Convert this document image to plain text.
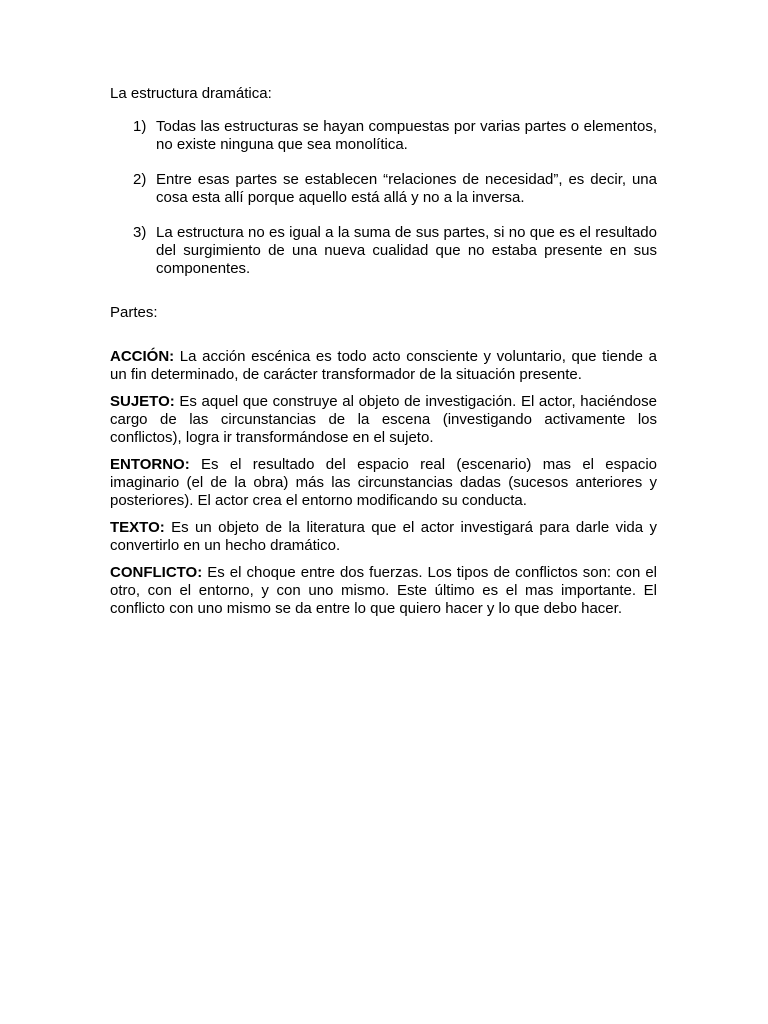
La estructura dramática:

1) Todas las estructuras se hayan compuestas por varias partes o elementos, no existe ninguna que sea monolítica.
2) Entre esas partes se establecen “relaciones de necesidad”, es decir, una cosa esta allí porque aquello está allá y no a la inversa.
3) La estructura no es igual a la suma de sus partes, si no que es el resultado del surgimiento de una nueva cualidad que no estaba presente en sus componentes.

Partes:

ACCIÓN: La acción escénica es todo acto consciente y voluntario, que tiende a un fin determinado, de carácter transformador de la situación presente.

SUJETO: Es aquel que construye al objeto de investigación. El actor, haciéndose cargo de las circunstancias de la escena (investigando activamente los conflictos), logra ir transformándose en el sujeto.

ENTORNO: Es el resultado del espacio real (escenario) mas el espacio imaginario (el de la obra) más las circunstancias dadas (sucesos anteriores y posteriores). El actor crea el entorno modificando su conducta.

TEXTO: Es un objeto de la literatura que el actor investigará para darle vida y convertirlo en un hecho dramático.

CONFLICTO: Es el choque entre dos fuerzas. Los tipos de conflictos son: con el otro, con el entorno, y con uno mismo. Este último es el mas importante. El conflicto con uno mismo se da entre lo que quiero hacer y lo que debo hacer.
